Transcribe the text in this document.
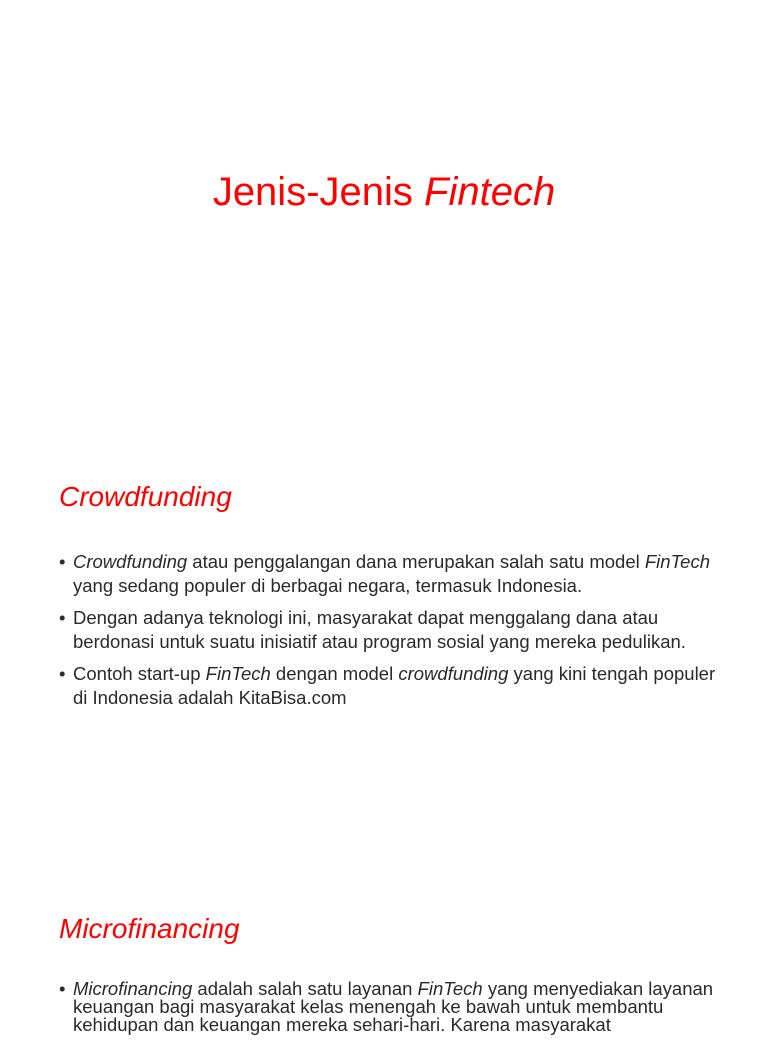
Jenis-Jenis Fintech
Crowdfunding
• Crowdfunding atau penggalangan dana merupakan salah satu model FinTech yang sedang populer di berbagai negara, termasuk Indonesia.
• Dengan adanya teknologi ini, masyarakat dapat menggalang dana atau berdonasi untuk suatu inisiatif atau program sosial yang mereka pedulikan.
• Contoh start-up FinTech dengan model crowdfunding yang kini tengah populer di Indonesia adalah KitaBisa.com
Microfinancing
• Microfinancing adalah salah satu layanan FinTech yang menyediakan layanan keuangan bagi masyarakat kelas menengah ke bawah untuk membantu kehidupan dan keuangan mereka sehari-hari. Karena masyarakat
